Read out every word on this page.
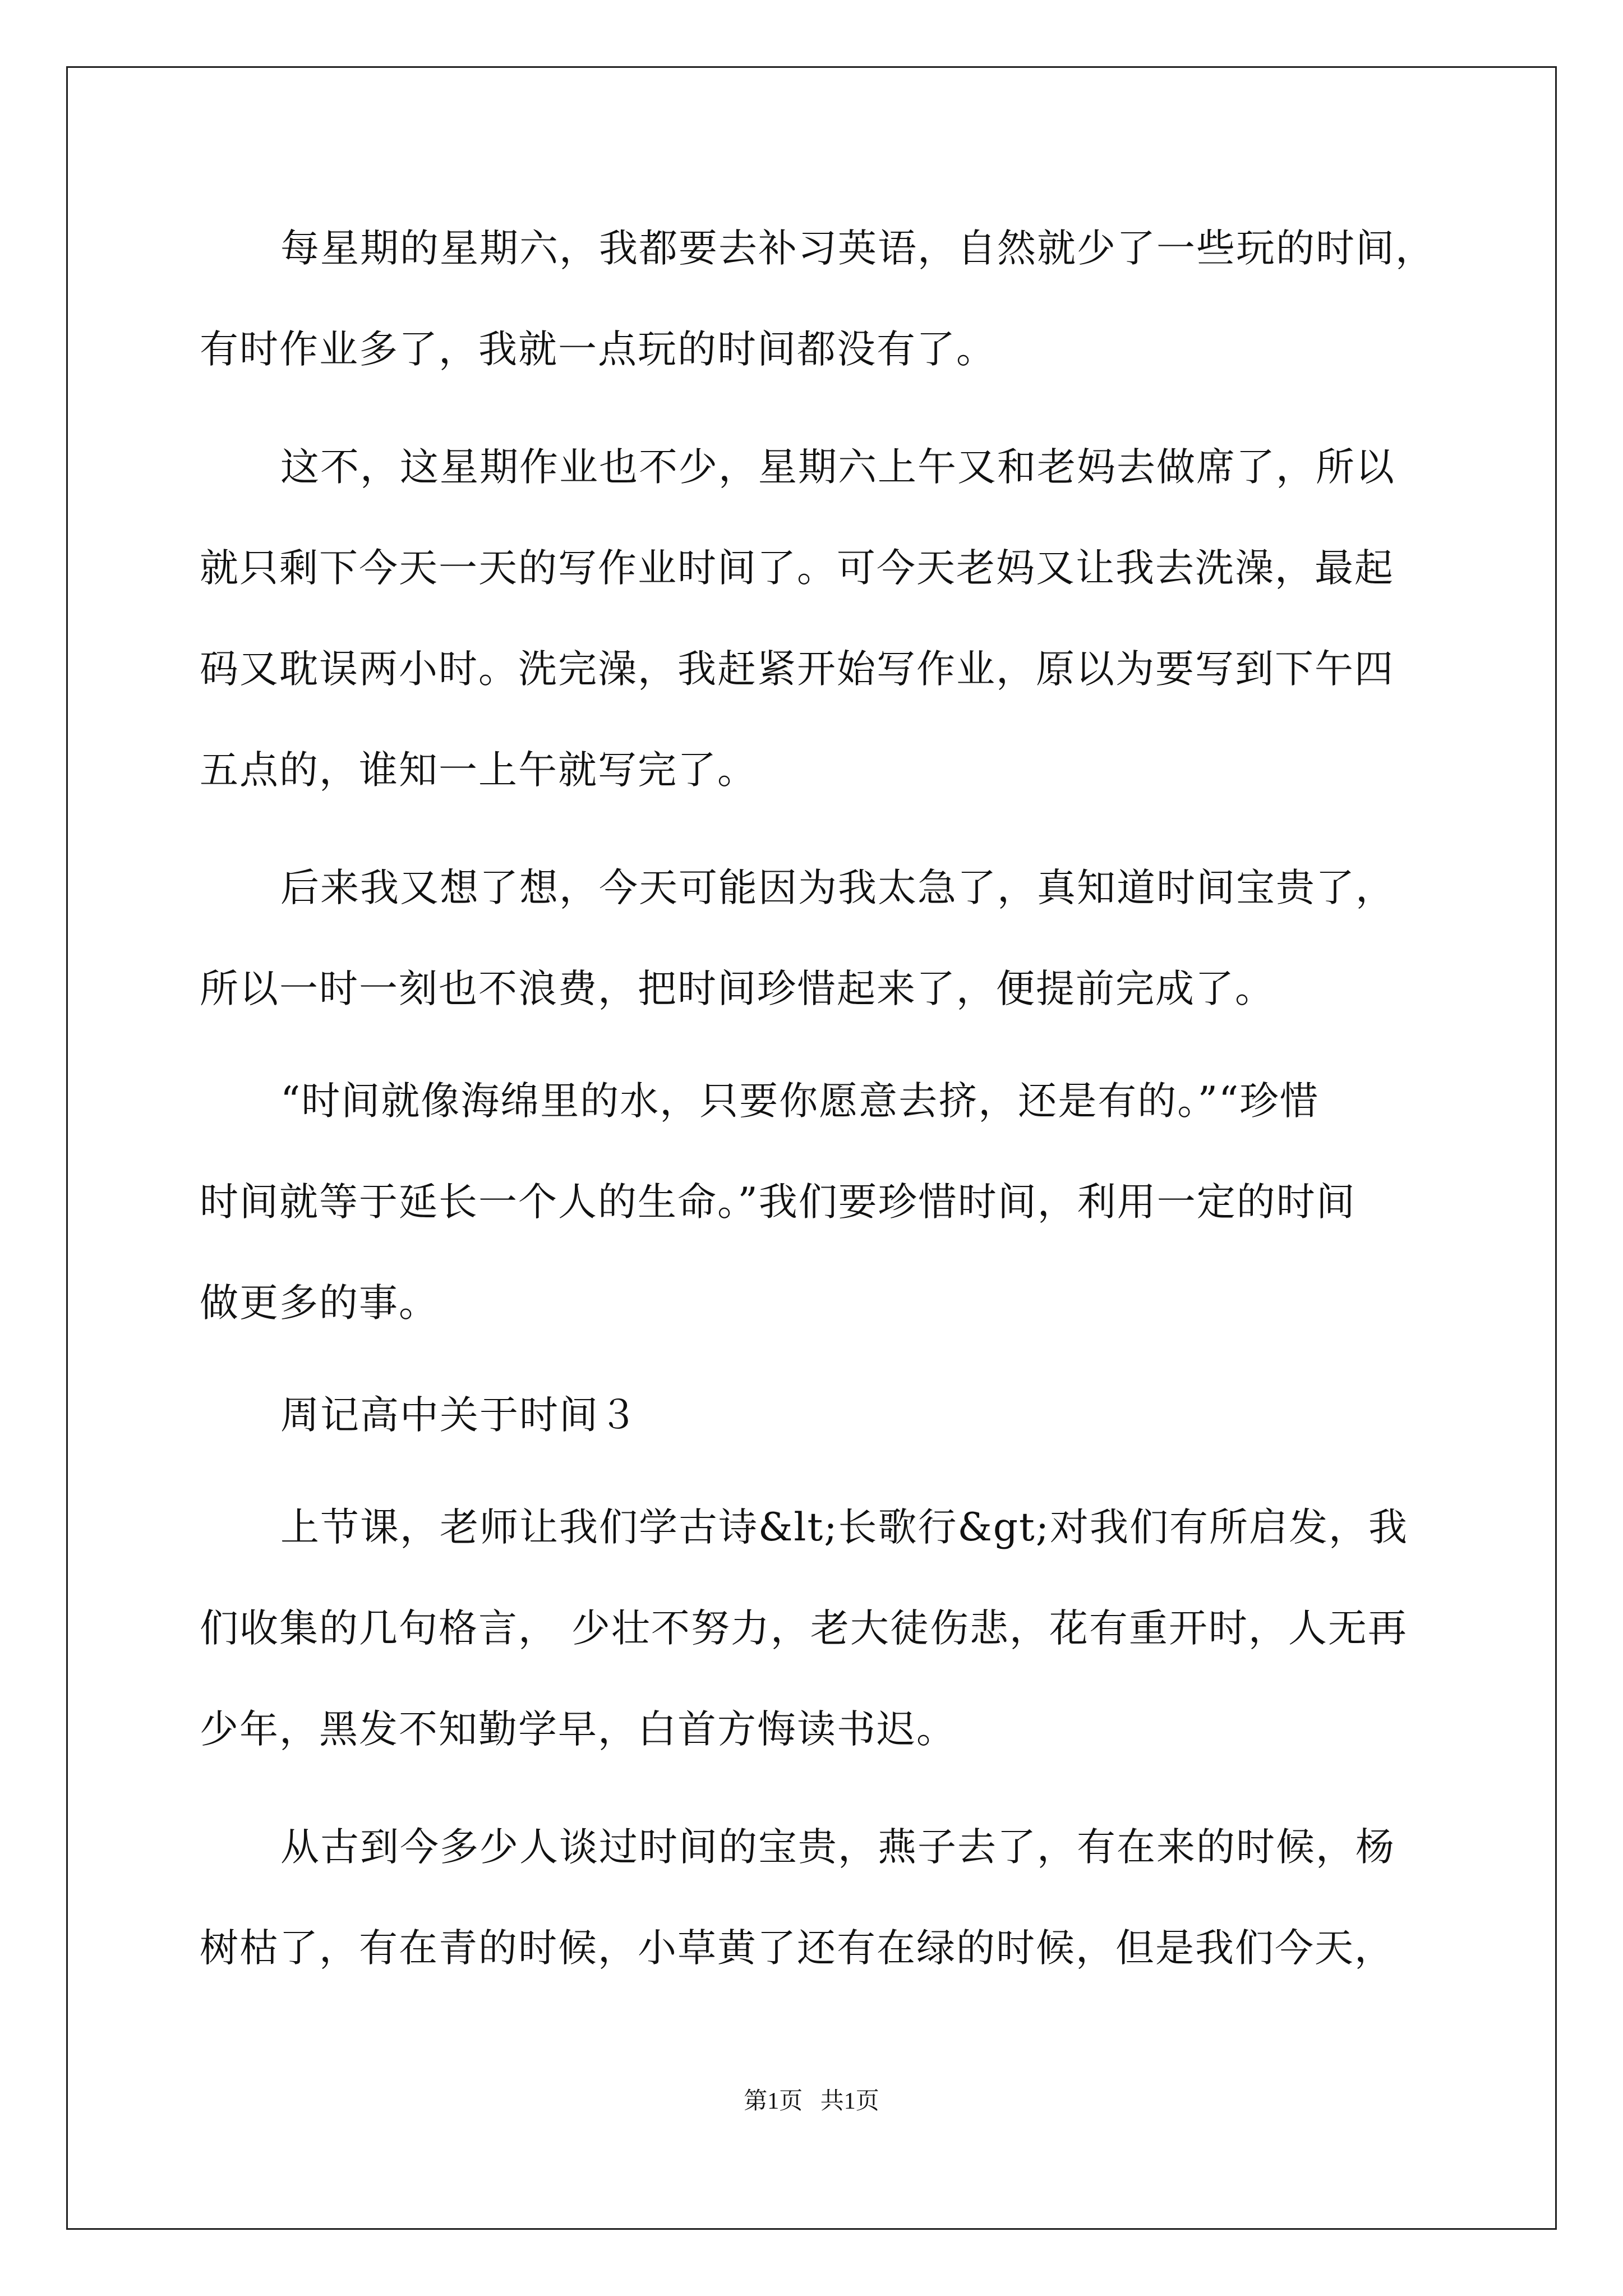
每星期的星期六，我都要去补习英语，自然就少了一些玩的时间，
有时作业多了，我就一点玩的时间都没有了。
这不，这星期作业也不少，星期六上午又和老妈去做席了，所以
就只剩下今天一天的写作业时间了。可今天老妈又让我去洗澡，最起
码又耽误两小时。洗完澡，我赶紧开始写作业，原以为要写到下午四
五点的，谁知一上午就写完了。
后来我又想了想，今天可能因为我太急了，真知道时间宝贵了，
所以一时一刻也不浪费，把时间珍惜起来了，便提前完成了。
“时间就像海绵里的水，只要你愿意去挤，还是有的。”“珍惜
时间就等于延长一个人的生命。”我们要珍惜时间，利用一定的时间
做更多的事。
周记高中关于时间３
上节课，老师让我们学古诗&lt;长歌行&gt;对我们有所启发，我
们收集的几句格言， 少壮不努力，老大徒伤悲，花有重开时，人无再
少年，黑发不知勤学早，白首方悔读书迟。
从古到今多少人谈过时间的宝贵，燕子去了，有在来的时候，杨
树枯了，有在青的时候，小草黄了还有在绿的时候，但是我们今天，
第1页   共1页
